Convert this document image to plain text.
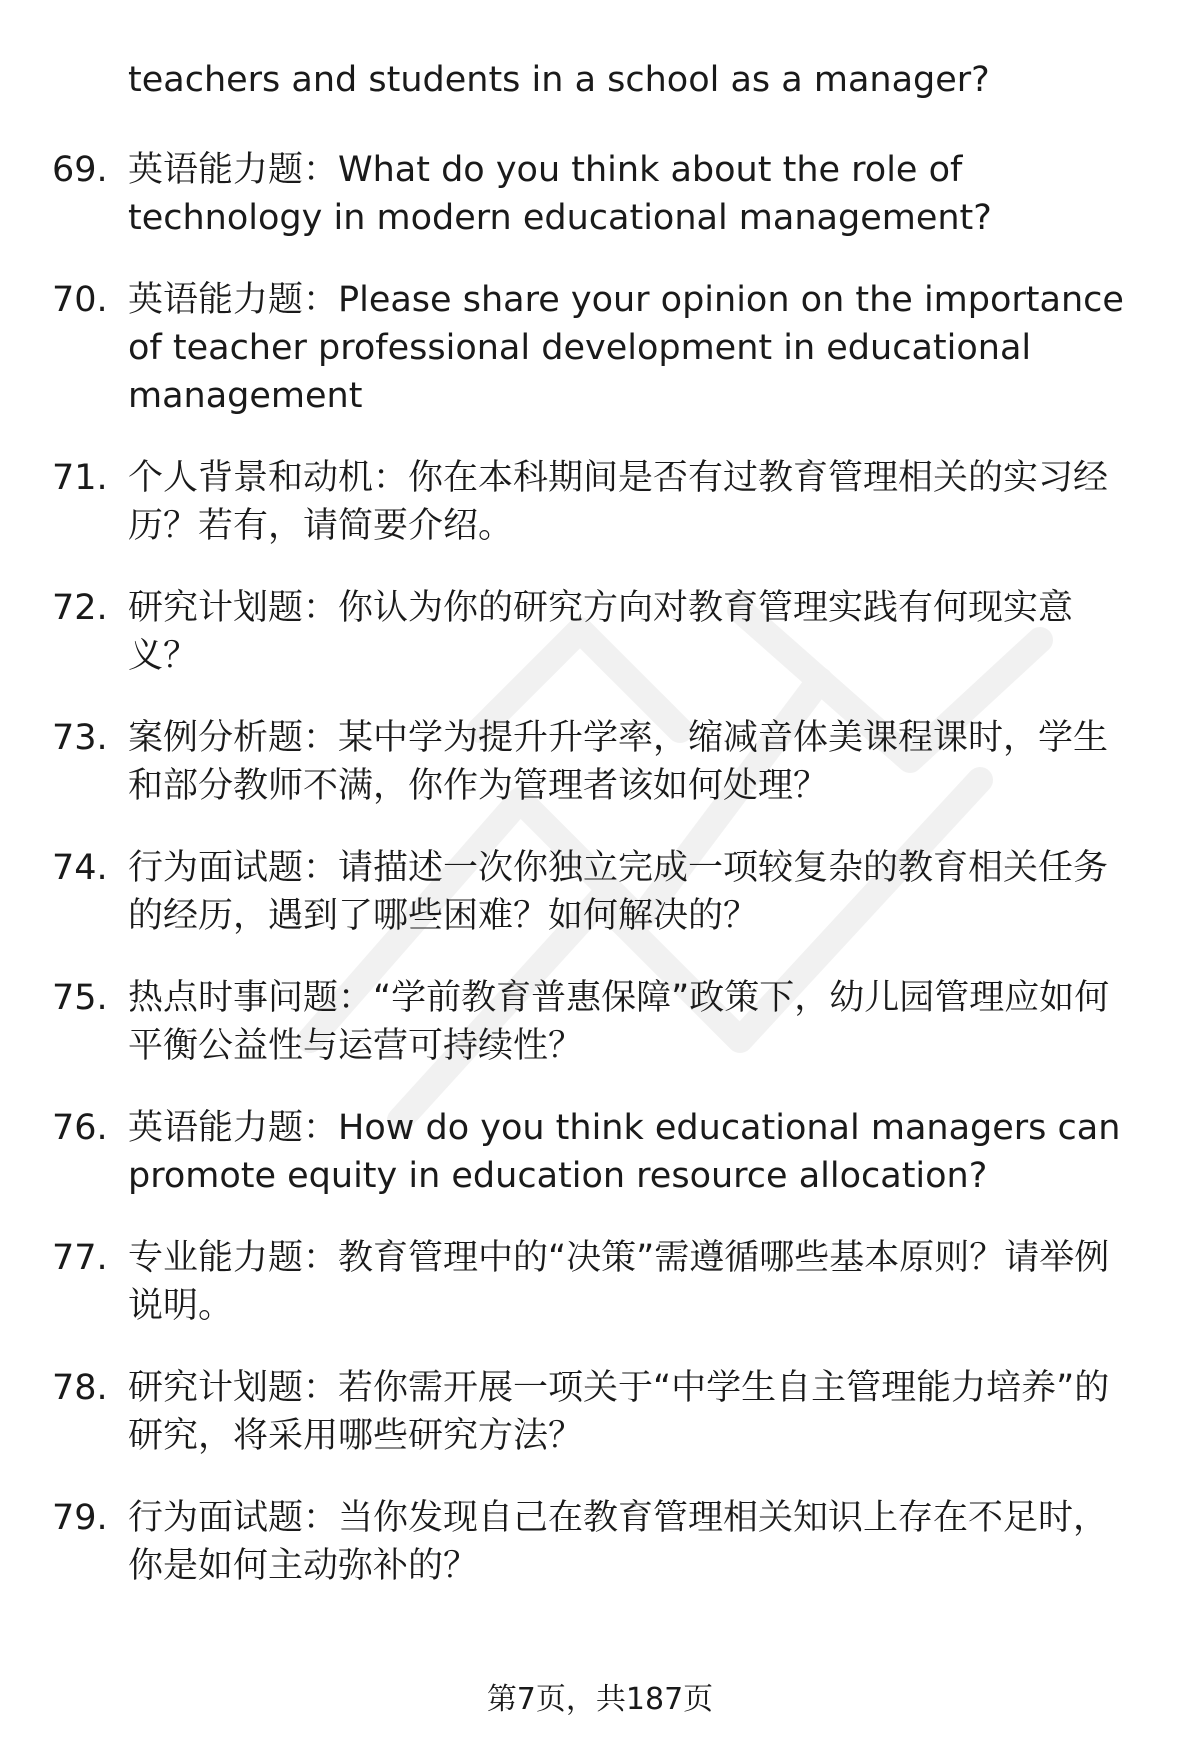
teachers and students in a school as a manager?
69. 英语能力题：What do you think about the role of technology in modern educational management?
70. 英语能力题：Please share your opinion on the importance of teacher professional development in educational management
71. 个人背景和动机：你在本科期间是否有过教育管理相关的实习经历？若有，请简要介绍。
72. 研究计划题：你认为你的研究方向对教育管理实践有何现实意义？
73. 案例分析题：某中学为提升升学率，缩减音体美课程课时，学生和部分教师不满，你作为管理者该如何处理？
74. 行为面试题：请描述一次你独立完成一项较复杂的教育相关任务的经历，遇到了哪些困难？如何解决的？
75. 热点时事问题：“学前教育普惠保障”政策下，幼儿园管理应如何平衡公益性与运营可持续性？
76. 英语能力题：How do you think educational managers can promote equity in education resource allocation?
77. 专业能力题：教育管理中的“决策”需遵循哪些基本原则？请举例说明。
78. 研究计划题：若你需开展一项关于“中学生自主管理能力培养”的研究，将采用哪些研究方法？
79. 行为面试题：当你发现自己在教育管理相关知识上存在不足时，你是如何主动弥补的？
第7页，共187页
